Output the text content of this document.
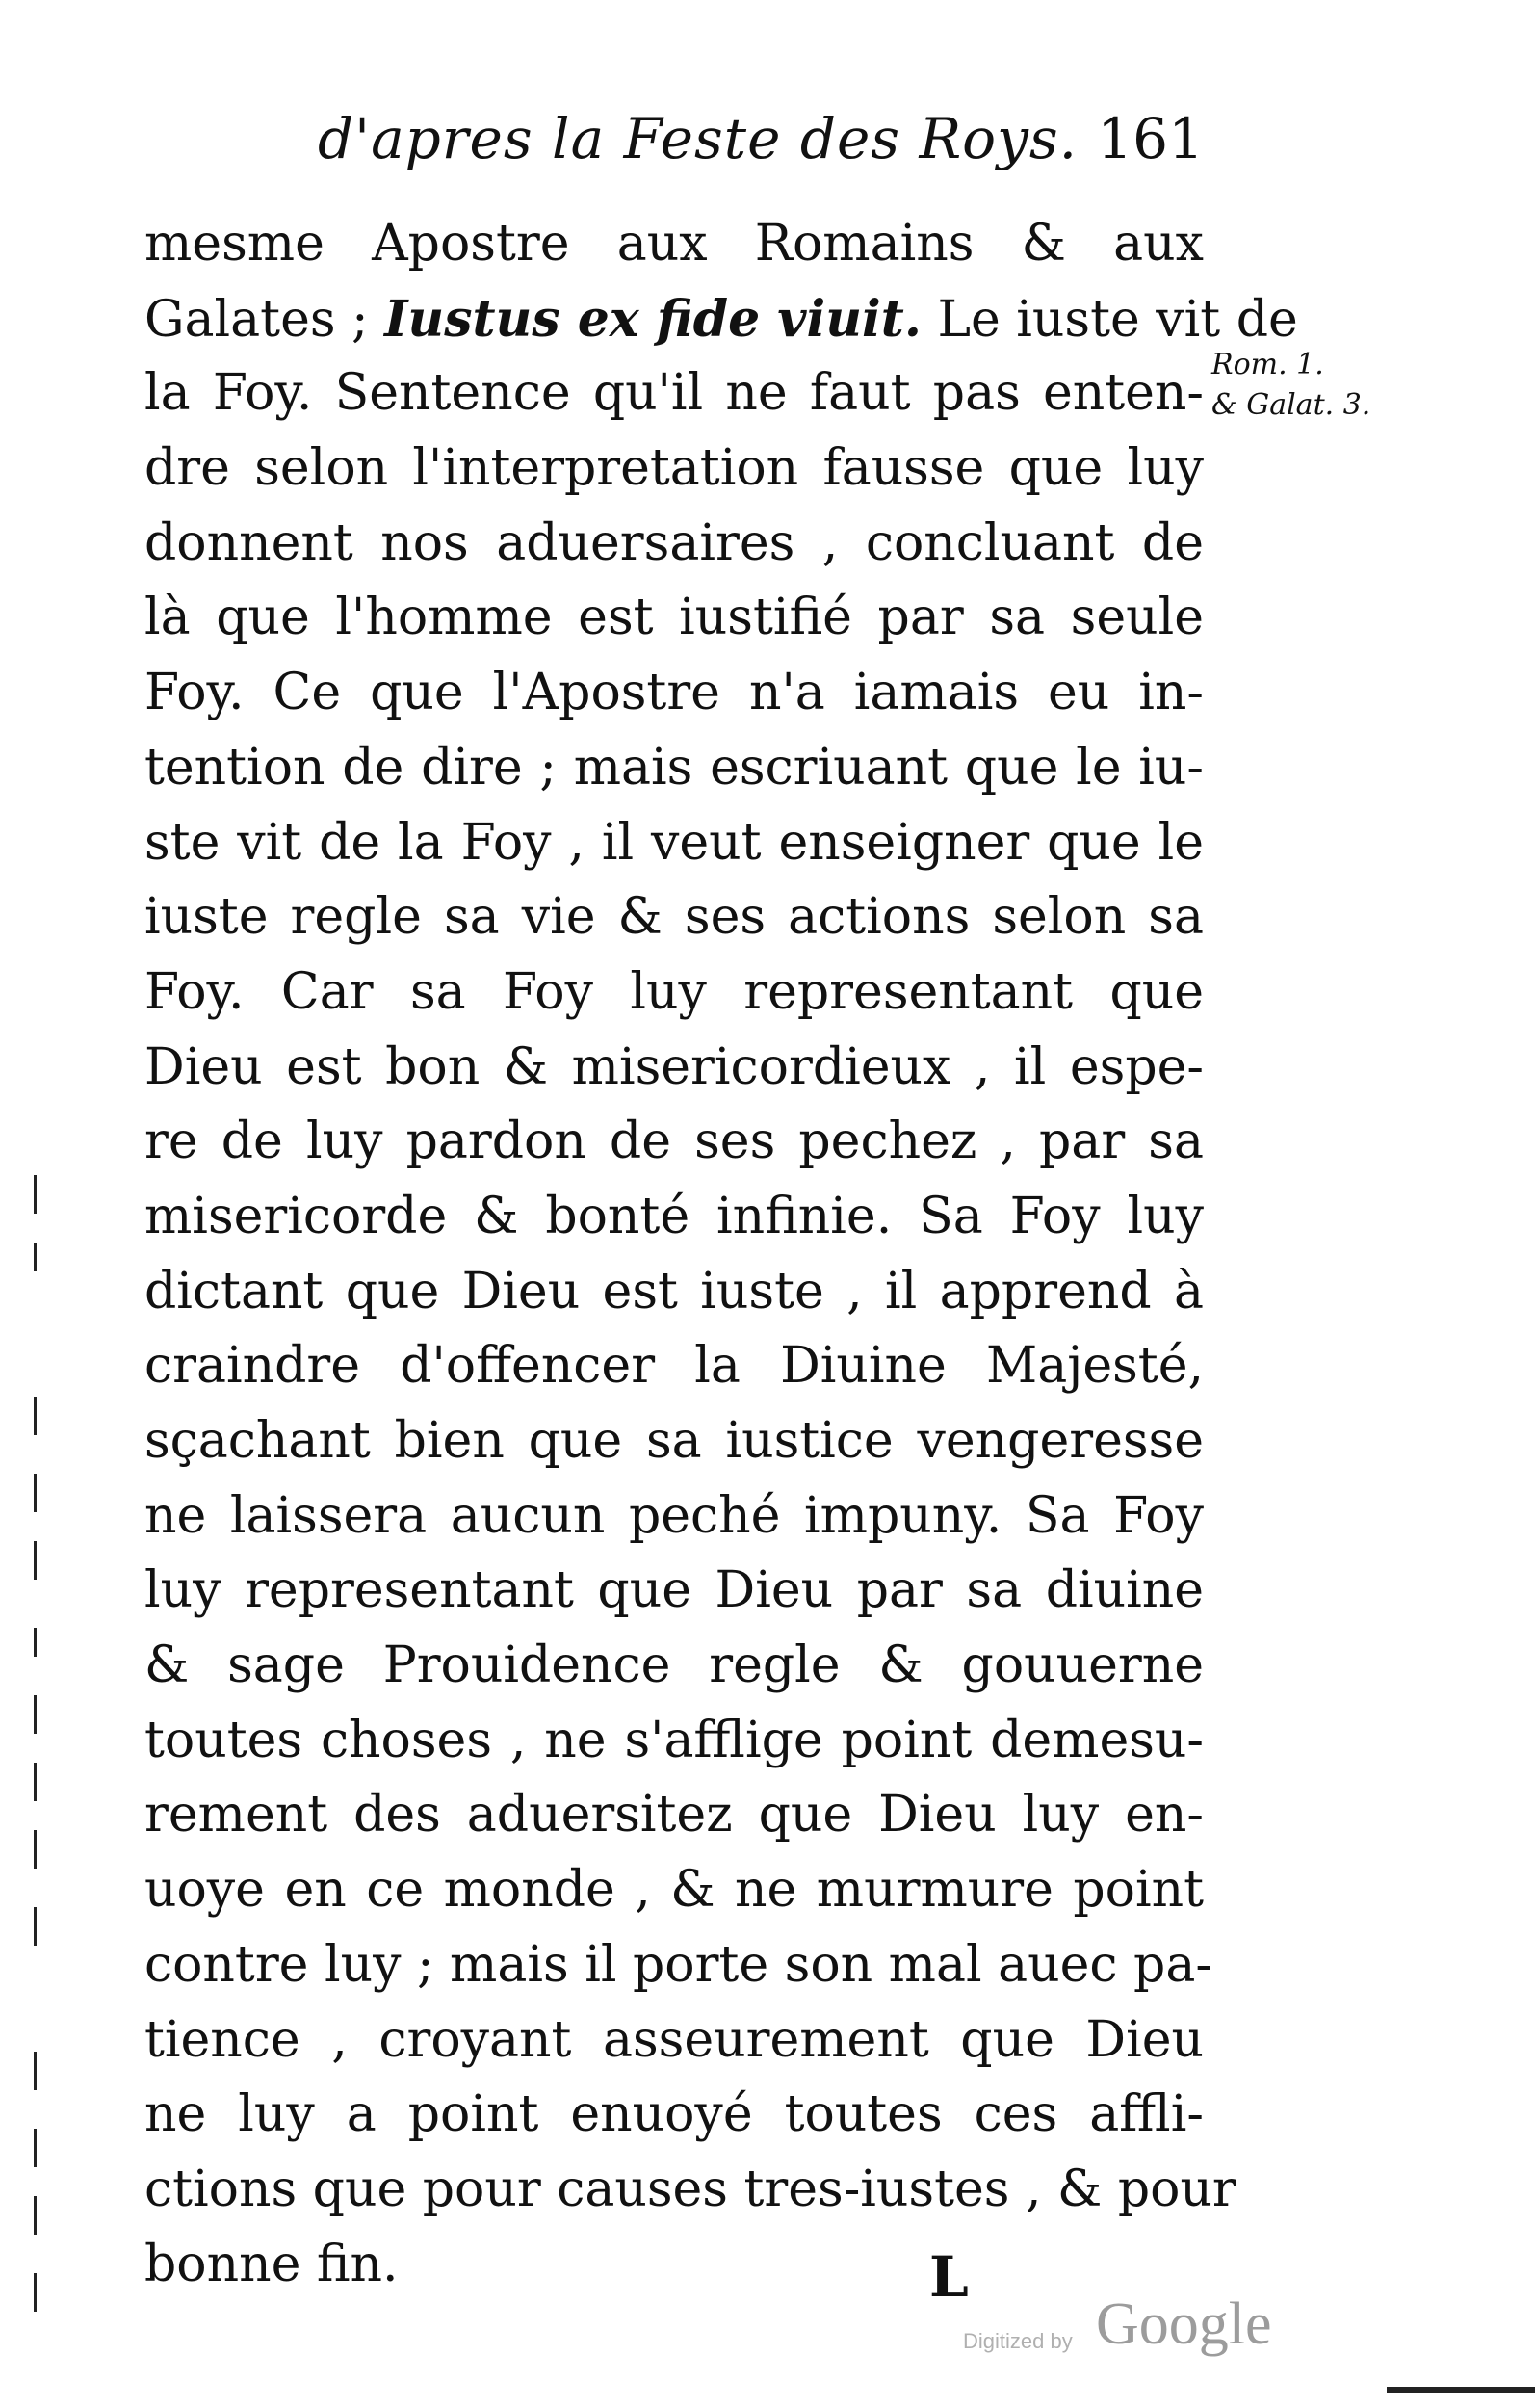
d'apres la Feste des Roys. 161
mesme Apostre aux Romains & aux
Galates ; Iustus ex fide viuit. Le iuste vit de
la Foy. Sentence qu'il ne faut pas enten-
dre selon l'interpretation fausse que luy
donnent nos aduersaires , concluant de
là que l'homme est iustifié par sa seule
Foy. Ce que l'Apostre n'a iamais eu in-
tention de dire ; mais escriuant que le iu-
ste vit de la Foy , il veut enseigner que le
iuste regle sa vie & ses actions selon sa
Foy. Car sa Foy luy representant que
Dieu est bon & misericordieux , il espe-
re de luy pardon de ses pechez , par sa
misericorde & bonté infinie. Sa Foy luy
dictant que Dieu est iuste , il apprend à
craindre d'offencer la Diuine Majesté,
sçachant bien que sa iustice vengeresse
ne laissera aucun peché impuny. Sa Foy
luy representant que Dieu par sa diuine
& sage Prouidence regle & gouuerne
toutes choses , ne s'afflige point demesu-
rement des aduersitez que Dieu luy en-
uoye en ce monde , & ne murmure point
contre luy ; mais il porte son mal auec pa-
tience , croyant asseurement que Dieu
ne luy a point enuoyé toutes ces affli-
ctions que pour causes tres-iustes , & pour
bonne fin.
Rom. 1.
& Galat. 3.
L
Digitized by Google
